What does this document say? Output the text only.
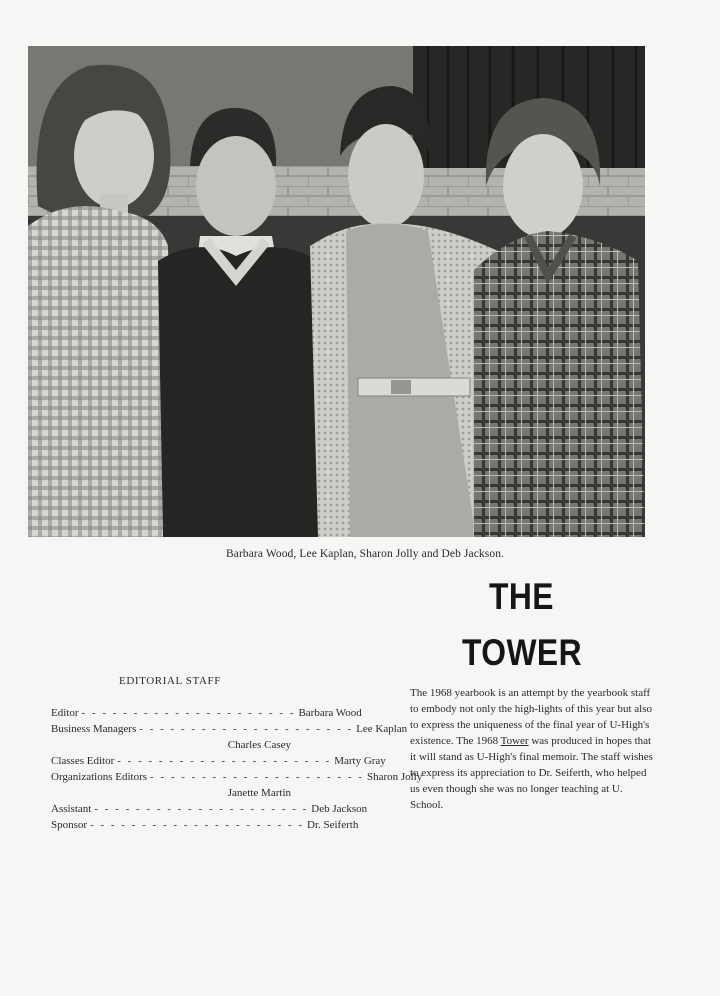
Barbara Wood, Lee Kaplan, Sharon Jolly and Deb Jackson.
THE
TOWER
EDITORIAL STAFF
Editor - - - - - - - - - - - - - - - - - - - - - Barbara Wood
Business Managers - - - - - - - - - - - - - - - - - - - - - Lee Kaplan
Charles Casey
Classes Editor - - - - - - - - - - - - - - - - - - - - - Marty Gray
Organizations Editors - - - - - - - - - - - - - - - - - - - - - Sharon Jolly
Janette Martin
Assistant - - - - - - - - - - - - - - - - - - - - - Deb Jackson
Sponsor - - - - - - - - - - - - - - - - - - - - - Dr. Seiferth

The 1968 yearbook is an attempt by the yearbook staff to embody not only the high-lights of this year but also to express the uniqueness of the final year of U-High's existence. The 1968 Tower was produced in hopes that it will stand as U-High's final memoir. The staff wishes to express its appreciation to Dr. Seiferth, who helped us even though she was no longer teaching at U. School.
